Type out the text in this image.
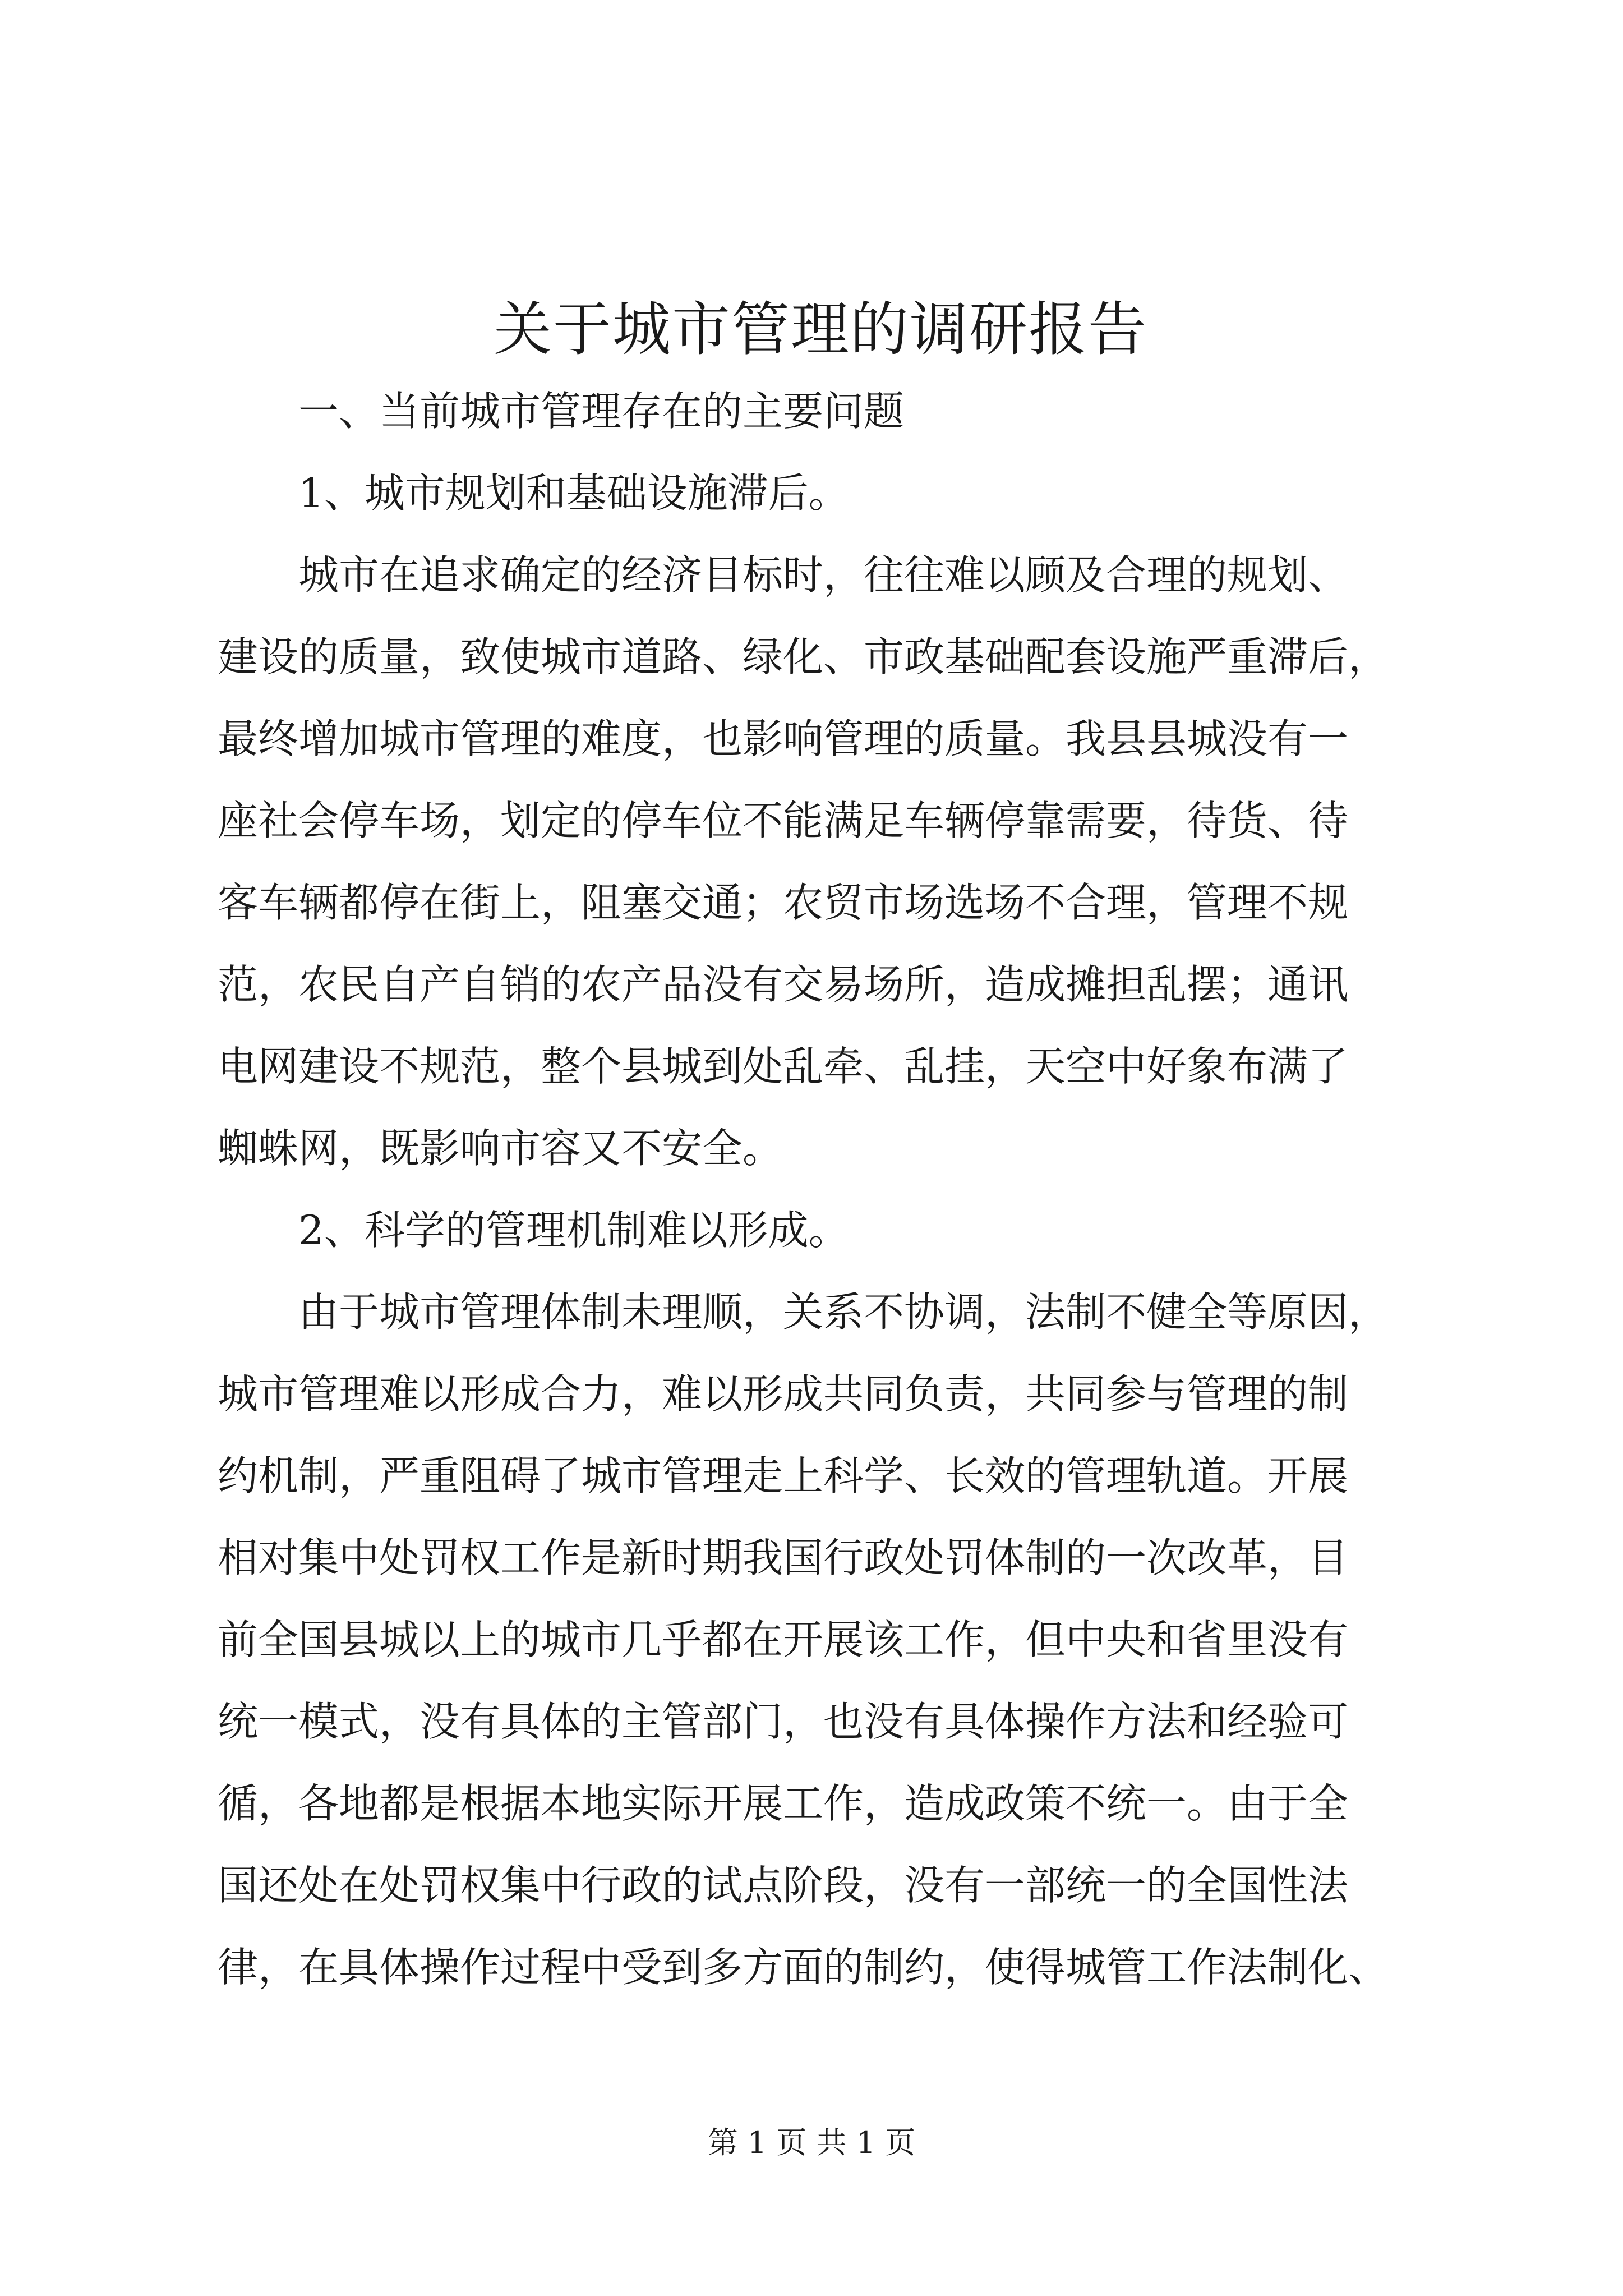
关于城市管理的调研报告

一、当前城市管理存在的主要问题

1、城市规划和基础设施滞后。

城市在追求确定的经济目标时，往往难以顾及合理的规划、
建设的质量，致使城市道路、绿化、市政基础配套设施严重滞后，
最终增加城市管理的难度，也影响管理的质量。我县县城没有一
座社会停车场，划定的停车位不能满足车辆停靠需要，待货、待
客车辆都停在街上，阻塞交通；农贸市场选场不合理，管理不规
范，农民自产自销的农产品没有交易场所，造成摊担乱摆；通讯
电网建设不规范，整个县城到处乱牵、乱挂，天空中好象布满了
蜘蛛网，既影响市容又不安全。

2、科学的管理机制难以形成。

由于城市管理体制未理顺，关系不协调，法制不健全等原因，
城市管理难以形成合力，难以形成共同负责，共同参与管理的制
约机制，严重阻碍了城市管理走上科学、长效的管理轨道。开展
相对集中处罚权工作是新时期我国行政处罚体制的一次改革，目
前全国县城以上的城市几乎都在开展该工作，但中央和省里没有
统一模式，没有具体的主管部门，也没有具体操作方法和经验可
循，各地都是根据本地实际开展工作，造成政策不统一。由于全
国还处在处罚权集中行政的试点阶段，没有一部统一的全国性法
律，在具体操作过程中受到多方面的制约，使得城管工作法制化、
第 1 页 共 1 页
